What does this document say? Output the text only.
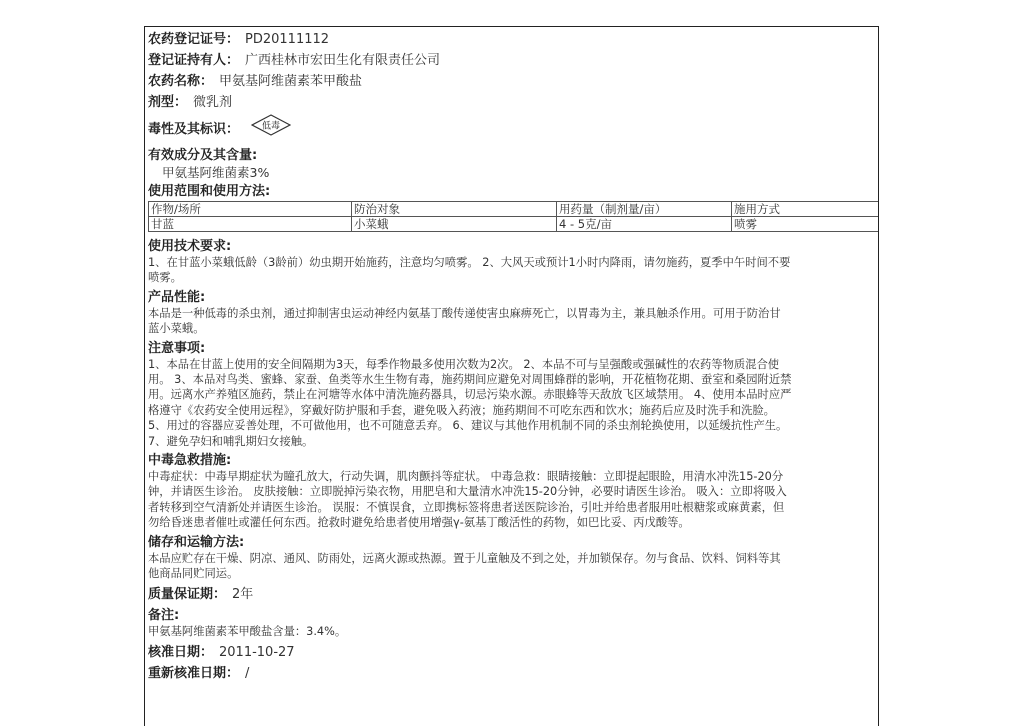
农药登记证号： PD20111112
登记证持有人： 广西桂林市宏田生化有限责任公司
农药名称： 甲氨基阿维菌素苯甲酸盐
剂型： 微乳剂
毒性及其标识：	低毒
有效成分及其含量:
甲氨基阿维菌素3%
使用范围和使用方法:
作物/场所	防治对象	用药量（制剂量/亩）	施用方式
甘蓝	小菜蛾	4 - 5克/亩	喷雾
使用技术要求:
1、在甘蓝小菜蛾低龄（3龄前）幼虫期开始施药，注意均匀喷雾。 2、大风天或预计1小时内降雨，请勿施药，夏季中午时间不要
喷雾。
产品性能:
本品是一种低毒的杀虫剂，通过抑制害虫运动神经内氨基丁酸传递使害虫麻痹死亡，以胃毒为主，兼具触杀作用。可用于防治甘
蓝小菜蛾。
注意事项:
1、本品在甘蓝上使用的安全间隔期为3天，每季作物最多使用次数为2次。 2、本品不可与呈强酸或强碱性的农药等物质混合使
用。 3、本品对鸟类、蜜蜂、家蚕、鱼类等水生生物有毒，施药期间应避免对周围蜂群的影响，开花植物花期、蚕室和桑园附近禁
用。远离水产养殖区施药，禁止在河塘等水体中清洗施药器具，切忌污染水源。赤眼蜂等天敌放飞区域禁用。 4、使用本品时应严
格遵守《农药安全使用远程》，穿戴好防护服和手套，避免吸入药液；施药期间不可吃东西和饮水；施药后应及时洗手和洗脸。
5、用过的容器应妥善处理，不可做他用，也不可随意丢弃。 6、建议与其他作用机制不同的杀虫剂轮换使用，以延缓抗性产生。
7、避免孕妇和哺乳期妇女接触。
中毒急救措施:
中毒症状：中毒早期症状为瞳孔放大，行动失调，肌肉颤抖等症状。 中毒急救：眼睛接触：立即提起眼睑，用清水冲洗15-20分
钟，并请医生诊治。 皮肤接触：立即脱掉污染衣物，用肥皂和大量清水冲洗15-20分钟，必要时请医生诊治。 吸入：立即将吸入
者转移到空气清新处并请医生诊治。 误服：不慎误食，立即携标签将患者送医院诊治，引吐并给患者服用吐根糖浆或麻黄素，但
勿给昏迷患者催吐或灌任何东西。抢救时避免给患者使用增强γ-氨基丁酸活性的药物，如巴比妥、丙戊酸等。
储存和运输方法:
本品应贮存在干燥、阴凉、通风、防雨处，远离火源或热源。置于儿童触及不到之处，并加锁保存。勿与食品、饮料、饲料等其
他商品同贮同运。
质量保证期： 2年
备注:
甲氨基阿维菌素苯甲酸盐含量：3.4%。
核准日期： 2011-10-27
重新核准日期： /
